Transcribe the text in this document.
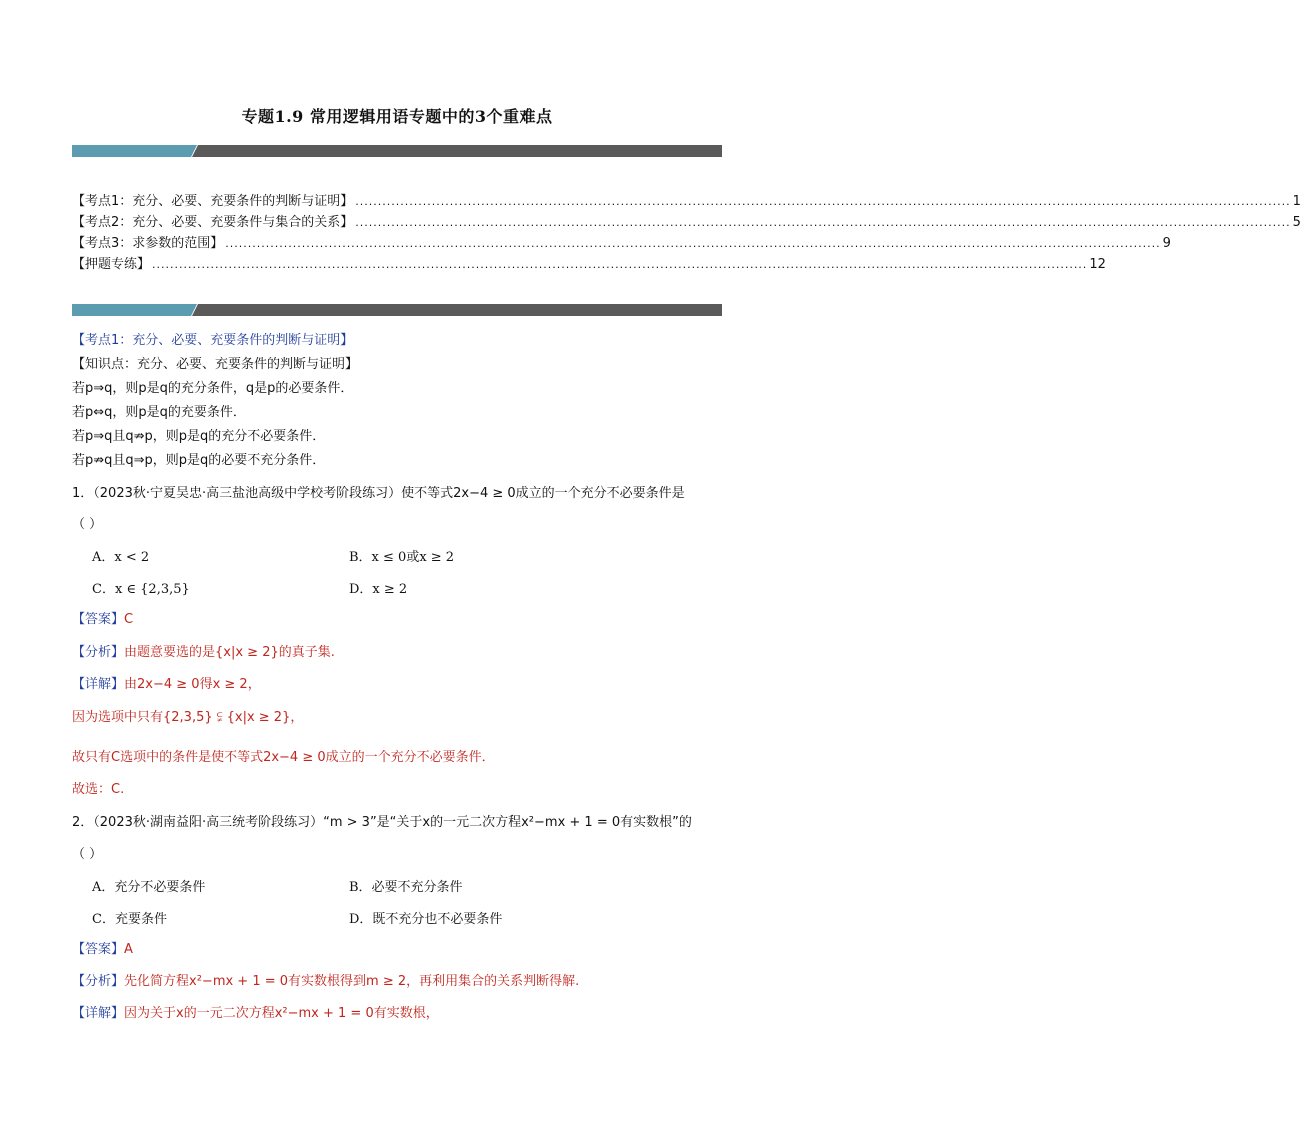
专题1.9 常用逻辑用语专题中的3个重难点
【考点1：充分、必要、充要条件的判断与证明】 ................................................................................................................................................................................................................ 1
【考点2：充分、必要、充要条件与集合的关系】 ................................................................................................................................................................................................................ 5
【考点3：求参数的范围】 ................................................................................................................................................................................................................ 9
【押题专练】 ................................................................................................................................................................................................................ 12
【考点1：充分、必要、充要条件的判断与证明】
【知识点：充分、必要、充要条件的判断与证明】
若p⇒q，则p是q的充分条件，q是p的必要条件．
若p⇔q，则p是q的充要条件．
若p⇒q且q⇏p，则p是q的充分不必要条件．
若p⇏q且q⇒p，则p是q的必要不充分条件．
1．（2023秋·宁夏吴忠·高三盐池高级中学校考阶段练习）使不等式2x−4 ≥ 0成立的一个充分不必要条件是
（ ）
A．x < 2	B．x ≤ 0或x ≥ 2
C．x ∈ {2,3,5}	D．x ≥ 2
【答案】C
【分析】由题意要选的是{x|x ≥ 2}的真子集.
【详解】由2x−4 ≥ 0得x ≥ 2，
因为选项中只有{2,3,5} ⫋ {x|x ≥ 2}，
故只有C选项中的条件是使不等式2x−4 ≥ 0成立的一个充分不必要条件．
故选：C.
2．（2023秋·湖南益阳·高三统考阶段练习）“m > 3”是“关于x的一元二次方程x²−mx + 1 = 0有实数根”的
（ ）
A．充分不必要条件	B．必要不充分条件
C．充要条件	D．既不充分也不必要条件
【答案】A
【分析】先化简方程x²−mx + 1 = 0有实数根得到m ≥ 2，再利用集合的关系判断得解.
【详解】因为关于x的一元二次方程x²−mx + 1 = 0有实数根，
